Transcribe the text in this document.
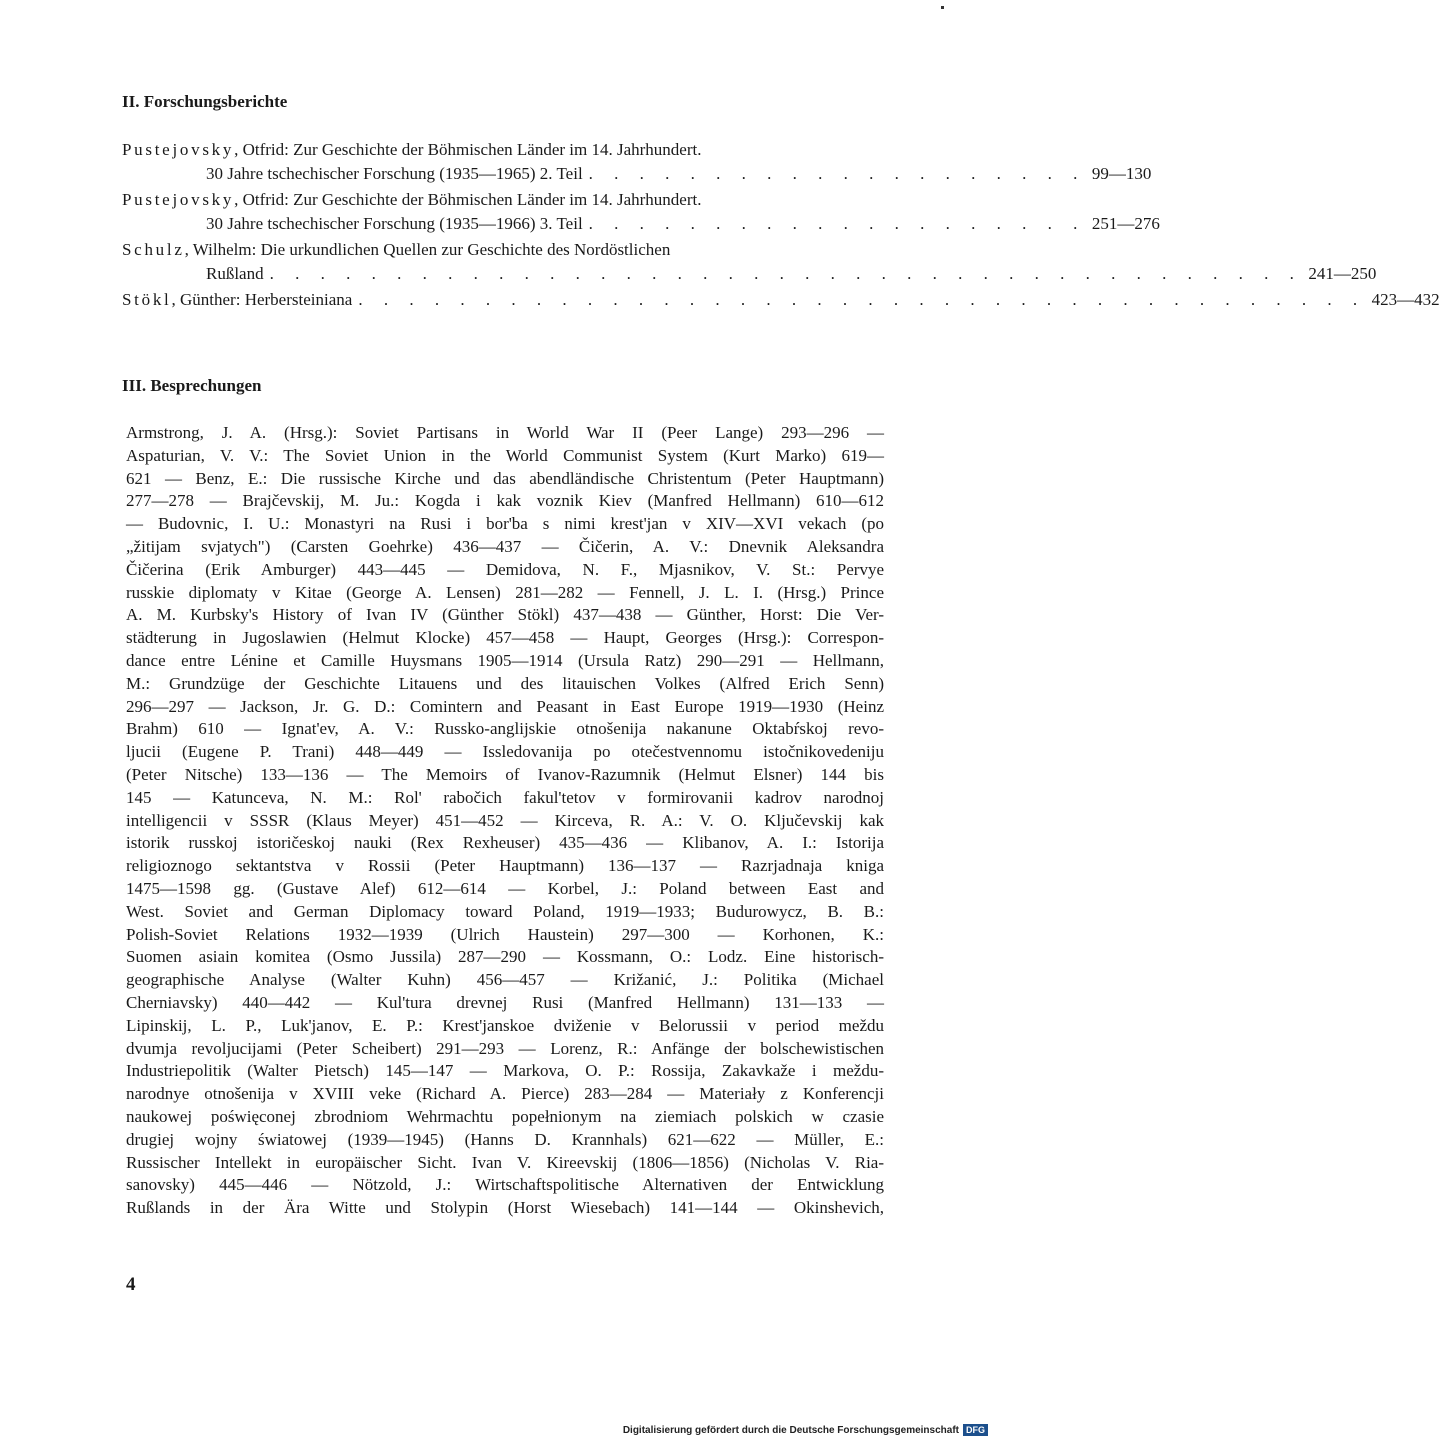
II. Forschungsberichte
Pustejovsky , Otfrid: Zur Geschichte der Böhmischen Länder im 14. Jahrhundert.
30 Jahre tschechischer Forschung (1935—1965) 2. Teil . . . . . . . . . . . . . . . . . . . . 99—130
Pustejovsky , Otfrid: Zur Geschichte der Böhmischen Länder im 14. Jahrhundert.
30 Jahre tschechischer Forschung (1935—1966) 3. Teil . . . . . . . . . . . . . . . . . . . . 251—276
Schulz , Wilhelm: Die urkundlichen Quellen zur Geschichte des Nordöstlichen
Rußland . . . . . . . . . . . . . . . . . . . . . . . . . . . . . . . . . . . . . . . . . 241—250
Stökl , Günther: Herbersteiniana . . . . . . . . . . . . . . . . . . . . . . . . . . . . . . . . . . . . . . . . 423—432
III. Besprechungen
Armstrong, J. A. (Hrsg.): Soviet Partisans in World War II (Peer Lange) 293—296 —
Aspaturian, V. V.: The Soviet Union in the World Communist System (Kurt Marko) 619—
621 — Benz, E.: Die russische Kirche und das abendländische Christentum (Peter Hauptmann)
277—278 — Brajčevskij, M. Ju.: Kogda i kak voznik Kiev (Manfred Hellmann) 610—612
— Budovnic, I. U.: Monastyri na Rusi i bor'ba s nimi krest'jan v XIV—XVI vekach (po
„žitijam svjatych") (Carsten Goehrke) 436—437 — Čičerin, A. V.: Dnevnik Aleksandra
Čičerina (Erik Amburger) 443—445 — Demidova, N. F., Mjasnikov, V. St.: Pervye
russkie diplomaty v Kitae (George A. Lensen) 281—282 — Fennell, J. L. I. (Hrsg.) Prince
A. M. Kurbsky's History of Ivan IV (Günther Stökl) 437—438 — Günther, Horst: Die Ver-
städterung in Jugoslawien (Helmut Klocke) 457—458 — Haupt, Georges (Hrsg.): Correspon-
dance entre Lénine et Camille Huysmans 1905—1914 (Ursula Ratz) 290—291 — Hellmann,
M.: Grundzüge der Geschichte Litauens und des litauischen Volkes (Alfred Erich Senn)
296—297 — Jackson, Jr. G. D.: Comintern and Peasant in East Europe 1919—1930 (Heinz
Brahm) 610 — Ignat'ev, A. V.: Russko-anglijskie otnošenija nakanune Oktabŕskoj revo-
ljucii (Eugene P. Trani) 448—449 — Issledovanija po otečestvennomu istočnikovedeniju
(Peter Nitsche) 133—136 — The Memoirs of Ivanov-Razumnik (Helmut Elsner) 144 bis
145 — Katunceva, N. M.: Rol' rabočich fakul'tetov v formirovanii kadrov narodnoj
intelligencii v SSSR (Klaus Meyer) 451—452 — Kirceva, R. A.: V. O. Ključevskij kak
istorik russkoj istoričeskoj nauki (Rex Rexheuser) 435—436 — Klibanov, A. I.: Istorija
religioznogo sektantstva v Rossii (Peter Hauptmann) 136—137 — Razrjadnaja kniga
1475—1598 gg. (Gustave Alef) 612—614 — Korbel, J.: Poland between East and
West. Soviet and German Diplomacy toward Poland, 1919—1933; Budurowycz, B. B.:
Polish-Soviet Relations 1932—1939 (Ulrich Haustein) 297—300 — Korhonen, K.:
Suomen asiain komitea (Osmo Jussila) 287—290 — Kossmann, O.: Lodz. Eine historisch-
geographische Analyse (Walter Kuhn) 456—457 — Križanić, J.: Politika (Michael
Cherniavsky) 440—442 — Kul'tura drevnej Rusi (Manfred Hellmann) 131—133 —
Lipinskij, L. P., Luk'janov, E. P.: Krest'janskoe dviženie v Belorussii v period meždu
dvumja revoljucijami (Peter Scheibert) 291—293 — Lorenz, R.: Anfänge der bolschewistischen
Industriepolitik (Walter Pietsch) 145—147 — Markova, O. P.: Rossija, Zakavkaže i meždu-
narodnye otnošenija v XVIII veke (Richard A. Pierce) 283—284 — Materiały z Konferencji
naukowej poświęconej zbrodniom Wehrmachtu popełnionym na ziemiach polskich w czasie
drugiej wojny światowej (1939—1945) (Hanns D. Krannhals) 621—622 — Müller, E.:
Russischer Intellekt in europäischer Sicht. Ivan V. Kireevskij (1806—1856) (Nicholas V. Ria-
sanovsky) 445—446 — Nötzold, J.: Wirtschaftspolitische Alternativen der Entwicklung
Rußlands in der Ära Witte und Stolypin (Horst Wiesebach) 141—144 — Okinshevich,
4
Digitalisierung gefördert durch die Deutsche Forschungsgemeinschaft DFG
